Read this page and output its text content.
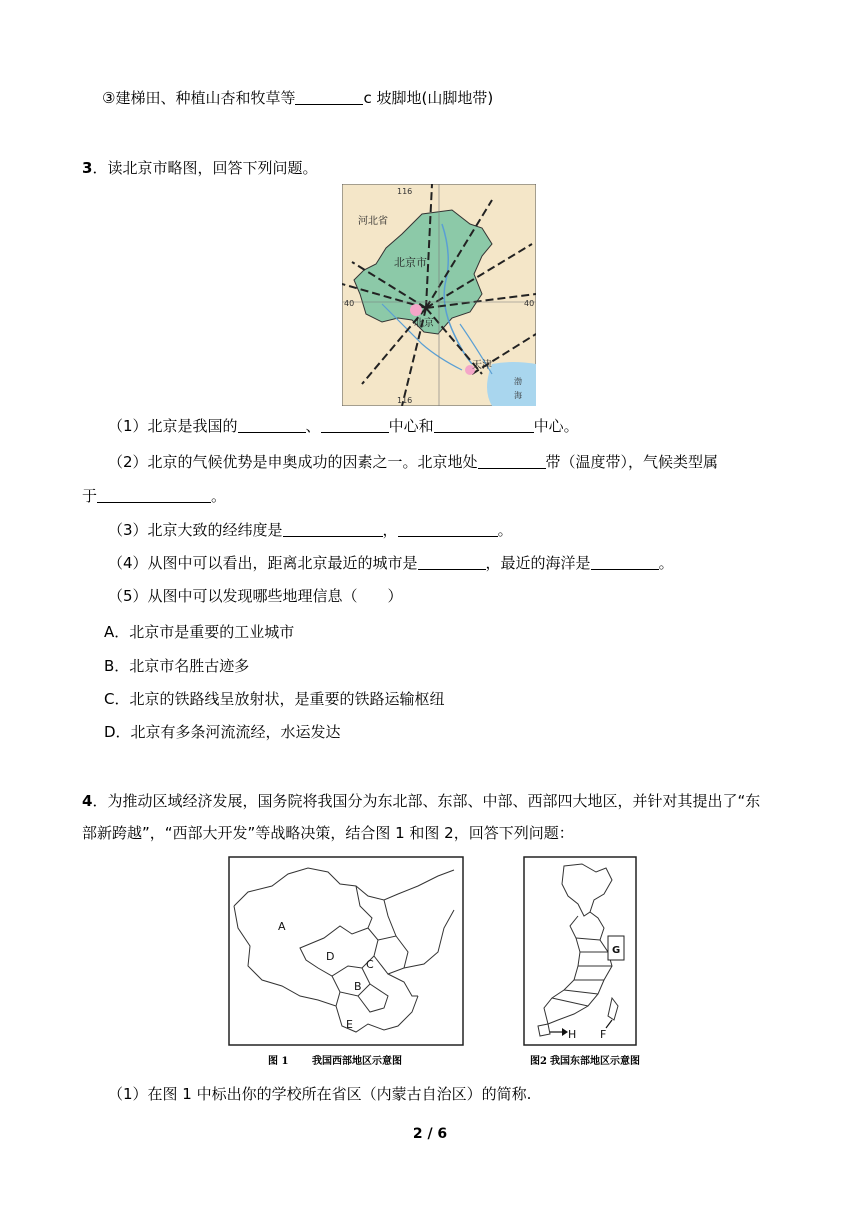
③建梯田、种植山杏和牧草等	c 坡脚地(山脚地带)
3．读北京市略图，回答下列问题。
116
116
40	40
河北省
北京市
北京
天津
渤
海
（1）北京是我国的	、	中心和	中心。
（2）北京的气候优势是申奥成功的因素之一。北京地处	带（温度带），气候类型属
于	。
（3）北京大致的经纬度是	，	。
（4）从图中可以看出，距离北京最近的城市是	，最近的海洋是	。
（5）从图中可以发现哪些地理信息（　　）
A．北京市是重要的工业城市
B．北京市名胜古迹多
C．北京的铁路线呈放射状，是重要的铁路运输枢纽
D．北京有多条河流流经，水运发达
4．为推动区域经济发展，国务院将我国分为东北部、东部、中部、西部四大地区，并针对其提出了“东
部新跨越”，“西部大开发”等战略决策，结合图 1 和图 2，回答下列问题：
A
B
C
D
E
图 1 我国西部地区示意图
G
H F
图2 我国东部地区示意图
（1）在图 1 中标出你的学校所在省区（内蒙古自治区）的简称.
2 / 6
